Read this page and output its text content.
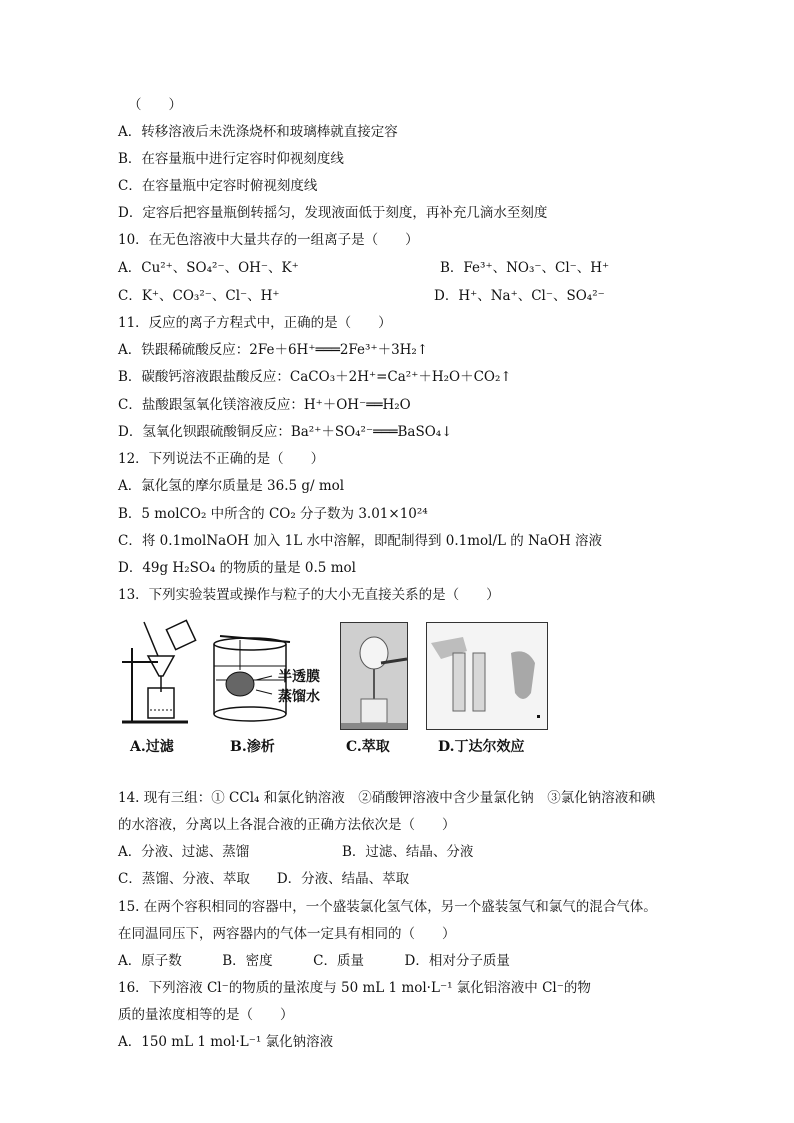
（　　）
A．转移溶液后未洗涤烧杯和玻璃棒就直接定容
B．在容量瓶中进行定容时仰视刻度线
C．在容量瓶中定容时俯视刻度线
D．定容后把容量瓶倒转摇匀，发现液面低于刻度，再补充几滴水至刻度
10．在无色溶液中大量共存的一组离子是（　　）
A．Cu²⁺、SO₄²⁻、OH⁻、K⁺	B．Fe³⁺、NO₃⁻、Cl⁻、H⁺
C．K⁺、CO₃²⁻、Cl⁻、H⁺	D．H⁺、Na⁺、Cl⁻、SO₄²⁻
11．反应的离子方程式中，正确的是（　　）
A．铁跟稀硫酸反应：2Fe＋6H⁺═══2Fe³⁺＋3H₂↑
B．碳酸钙溶液跟盐酸反应：CaCO₃＋2H⁺=Ca²⁺＋H₂O＋CO₂↑
C．盐酸跟氢氧化镁溶液反应：H⁺＋OH⁻══H₂O
D．氢氧化钡跟硫酸铜反应：Ba²⁺＋SO₄²⁻═══BaSO₄↓
12．下列说法不正确的是（　　）
A．氯化氢的摩尔质量是 36.5 g/ mol
B．5 molCO₂ 中所含的 CO₂ 分子数为 3.01×10²⁴
C．将 0.1molNaOH 加入 1L 水中溶解，即配制得到 0.1mol/L 的 NaOH 溶液
D．49g H₂SO₄ 的物质的量是 0.5 mol
13．下列实验装置或操作与粒子的大小无直接关系的是（　　）
半透膜
蒸馏水
A.过滤	B.渗析	C.萃取	D.丁达尔效应
14. 现有三组：① CCl₄ 和氯化钠溶液　②硝酸钾溶液中含少量氯化钠　③氯化钠溶液和碘
的水溶液，分离以上各混合液的正确方法依次是（　　）
A．分液、过滤、蒸馏	B．过滤、结晶、分液
C．蒸馏、分液、萃取　　D．分液、结晶、萃取
15. 在两个容积相同的容器中，一个盛装氯化氢气体，另一个盛装氢气和氯气的混合气体。
在同温同压下，两容器内的气体一定具有相同的（　　）
A．原子数　　　B．密度　　　C．质量　　　D．相对分子质量
16．下列溶液 Cl⁻的物质的量浓度与 50 mL 1 mol·L⁻¹ 氯化铝溶液中 Cl⁻的物
质的量浓度相等的是（　　）
A．150 mL 1 mol·L⁻¹ 氯化钠溶液
